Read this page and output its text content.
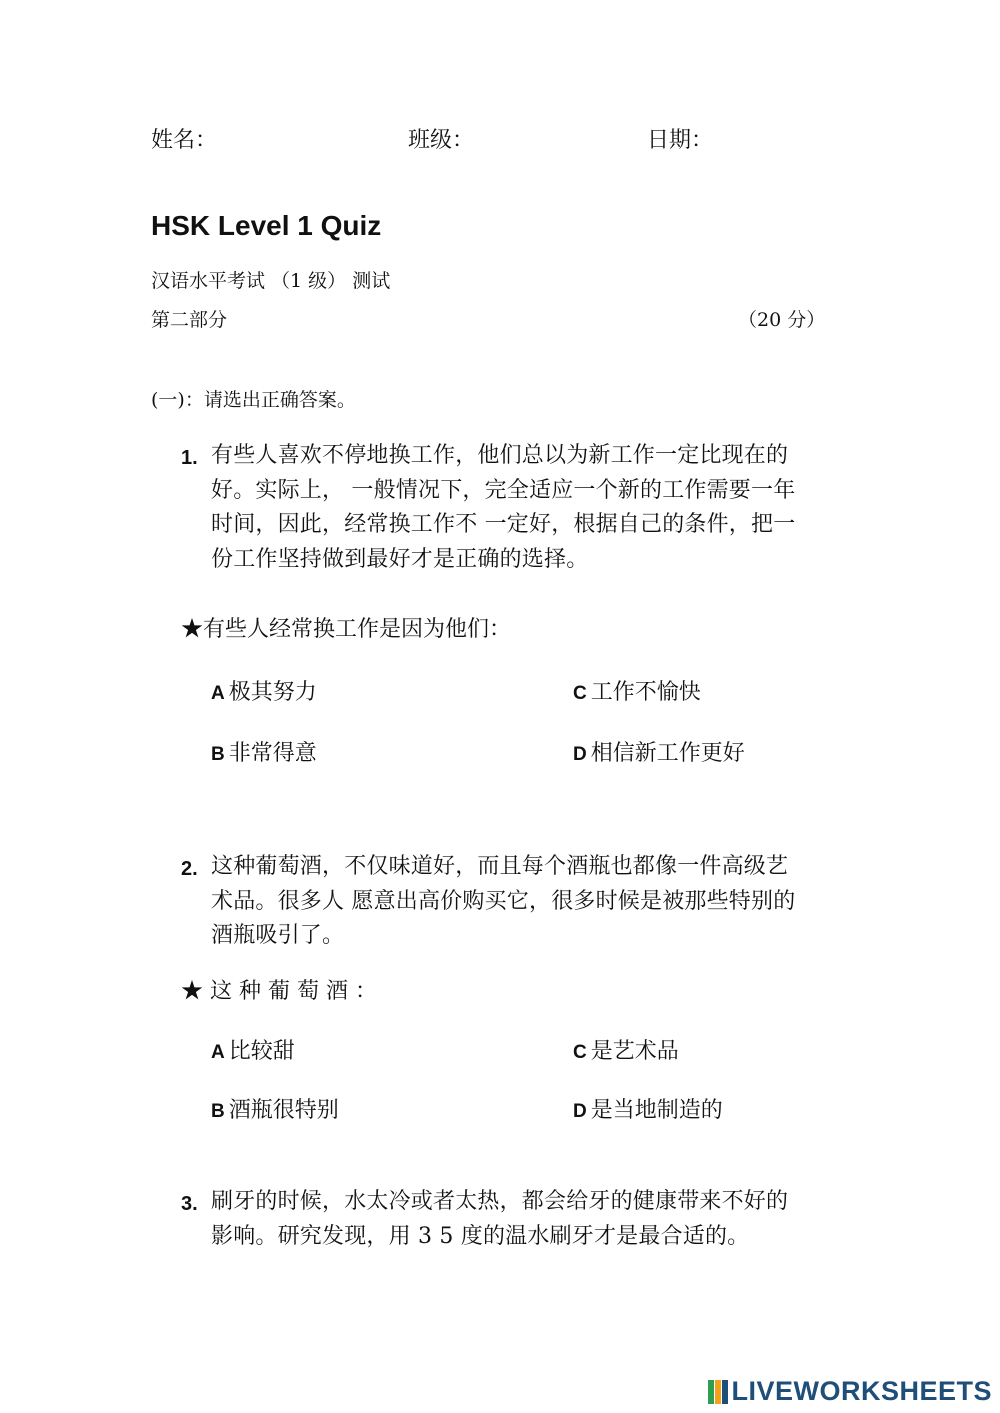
姓名：	班级：	日期：
HSK Level 1 Quiz
汉语水平考试 （1 级） 测试
第二部分	（20 分）
(一)：请选出正确答案。
1. 有些人喜欢不停地换工作，他们总以为新工作一定比现在的
好。实际上， 一般情况下，完全适应一个新的工作需要一年
时间，因此，经常换工作不 一定好，根据自己的条件，把一
份工作坚持做到最好才是正确的选择。
★有些人经常换工作是因为他们：
A 极其努力	C 工作不愉快
B 非常得意	D 相信新工作更好
2. 这种葡萄酒，不仅味道好，而且每个酒瓶也都像一件高级艺
术品。很多人 愿意出高价购买它，很多时候是被那些特别的
酒瓶吸引了。
★ 这 种 葡 萄 酒 ：
A 比较甜	C 是艺术品
B 酒瓶很特别	D 是当地制造的
3. 刷牙的时候，水太冷或者太热，都会给牙的健康带来不好的
影响。研究发现，用 3 5 度的温水刷牙才是最合适的。
LIVEWORKSHEETS
